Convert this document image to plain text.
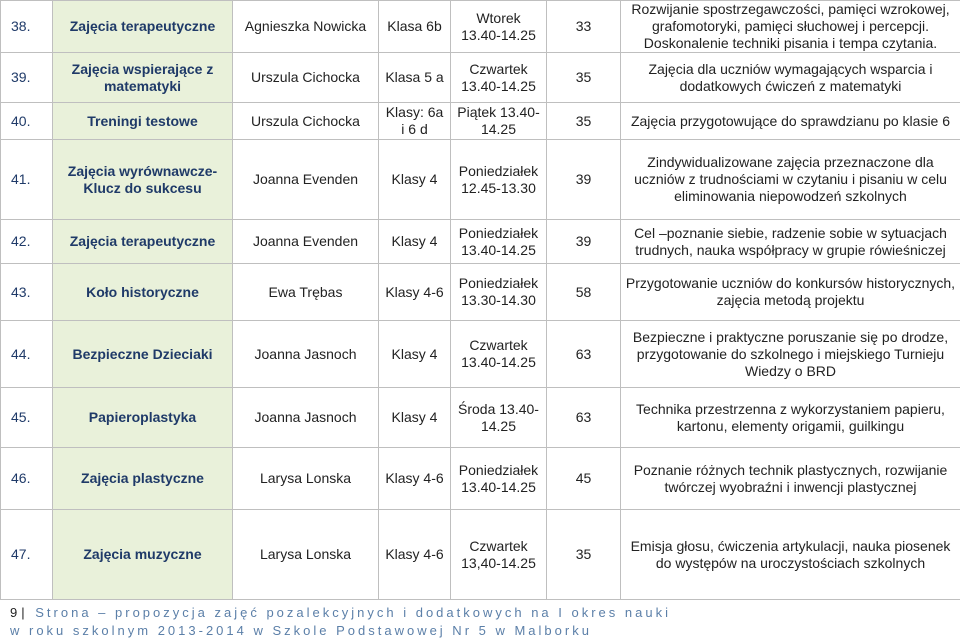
38.	Zajęcia terapeutyczne	Agnieszka Nowicka	Klasa 6b	Wtorek 13.40-14.25	33	Rozwijanie spostrzegawczości, pamięci wzrokowej, grafomotoryki, pamięci słuchowej i percepcji. Doskonalenie techniki pisania i tempa czytania.
39.	Zajęcia wspierające z matematyki	Urszula Cichocka	Klasa 5 a	Czwartek 13.40-14.25	35	Zajęcia dla uczniów wymagających wsparcia i dodatkowych ćwiczeń z matematyki
40.	Treningi testowe	Urszula Cichocka	Klasy: 6a i 6 d	Piątek 13.40-14.25	35	Zajęcia przygotowujące do sprawdzianu po klasie 6
41.	Zajęcia wyrównawcze- Klucz do sukcesu	Joanna Evenden	Klasy 4	Poniedziałek 12.45-13.30	39	Zindywidualizowane zajęcia przeznaczone dla uczniów z trudnościami w czytaniu i pisaniu w celu eliminowania niepowodzeń szkolnych
42.	Zajęcia terapeutyczne	Joanna Evenden	Klasy 4	Poniedziałek 13.40-14.25	39	Cel –poznanie siebie, radzenie sobie w sytuacjach trudnych, nauka współpracy w grupie rówieśniczej
43.	Koło historyczne	Ewa Trębas	Klasy 4-6	Poniedziałek 13.30-14.30	58	Przygotowanie uczniów do konkursów historycznych, zajęcia metodą projektu
44.	Bezpieczne Dzieciaki	Joanna Jasnoch	Klasy 4	Czwartek 13.40-14.25	63	Bezpieczne i praktyczne poruszanie się po drodze, przygotowanie do szkolnego i miejskiego Turnieju Wiedzy o BRD
45.	Papieroplastyka	Joanna Jasnoch	Klasy 4	Środa 13.40-14.25	63	Technika przestrzenna z wykorzystaniem papieru, kartonu, elementy origamii, guilkingu
46.	Zajęcia plastyczne	Larysa Lonska	Klasy 4-6	Poniedziałek 13.40-14.25	45	Poznanie różnych technik plastycznych, rozwijanie twórczej wyobraźni i inwencji plastycznej
47.	Zajęcia muzyczne	Larysa Lonska	Klasy 4-6	Czwartek 13,40-14.25	35	Emisja głosu, ćwiczenia artykulacji, nauka piosenek do występów na uroczystościach szkolnych
9 | Strona – propozycja zajęć pozalekcyjnych i dodatkowych na I okres nauki
w roku szkolnym 2013-2014 w Szkole Podstawowej Nr 5 w Malborku
